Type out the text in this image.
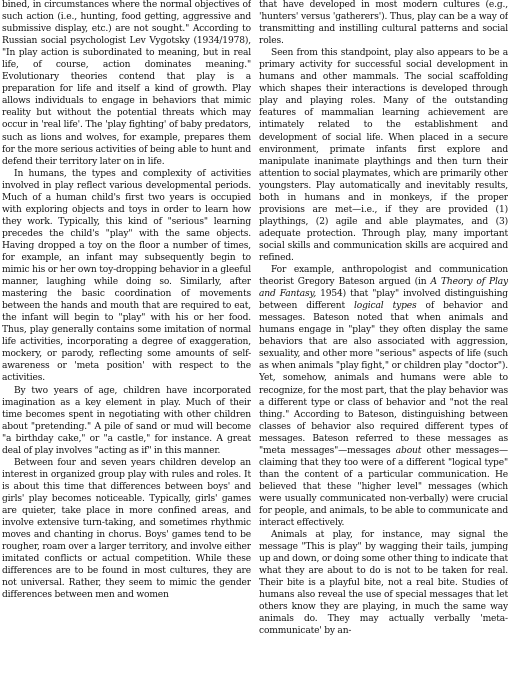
bined, in circumstances where the normal objectives of such action (i.e., hunting, food getting, aggressive and submissive display, etc.) are not sought." According to Russian social psychologist Lev Vygotsky (1934/1978), "In play action is subordinated to meaning, but in real life, of course, action dominates meaning." Evolutionary theories contend that play is a preparation for life and itself a kind of growth. Play allows individuals to engage in behaviors that mimic reality but without the potential threats which may occur in 'real life'. The 'play fighting' of baby predators, such as lions and wolves, for example, prepares them for the more serious activities of being able to hunt and defend their territory later on in life.

In humans, the types and complexity of activities involved in play reflect various developmental periods. Much of a human child's first two years is occupied with exploring objects and toys in order to learn how they work. Typically, this kind of "serious" learning precedes the child's "play" with the same objects. Having dropped a toy on the floor a number of times, for example, an infant may subsequently begin to mimic his or her own toy-dropping behavior in a gleeful manner, laughing while doing so. Similarly, after mastering the basic coordination of movements between the hands and mouth that are required to eat, the infant will begin to "play" with his or her food. Thus, play generally contains some imitation of normal life activities, incorporating a degree of exaggeration, mockery, or parody, reflecting some amounts of self-awareness or 'meta position' with respect to the activities.

By two years of age, children have incorporated imagination as a key element in play. Much of their time becomes spent in negotiating with other children about "pretending." A pile of sand or mud will become "a birthday cake," or "a castle," for instance. A great deal of play involves "acting as if" in this manner.

Between four and seven years children develop an interest in organized group play with rules and roles. It is about this time that differences between boys' and girls' play becomes noticeable. Typically, girls' games are quieter, take place in more confined areas, and involve extensive turn-taking, and sometimes rhythmic moves and chanting in chorus. Boys' games tend to be rougher, roam over a larger territory, and involve either imitated conflicts or actual competition. While these differences are to be found in most cultures, they are not universal. Rather, they seem to mimic the gender differences between men and women

that have developed in most modern cultures (e.g., 'hunters' versus 'gatherers'). Thus, play can be a way of transmitting and instilling cultural patterns and social roles.

Seen from this standpoint, play also appears to be a primary activity for successful social development in humans and other mammals. The social scaffolding which shapes their interactions is developed through play and playing roles. Many of the outstanding features of mammalian learning achievement are intimately related to the establishment and development of social life. When placed in a secure environment, primate infants first explore and manipulate inanimate playthings and then turn their attention to social playmates, which are primarily other youngsters. Play automatically and inevitably results, both in humans and in monkeys, if the proper provisions are met—i.e., if they are provided (1) playthings, (2) agile and able playmates, and (3) adequate protection. Through play, many important social skills and communication skills are acquired and refined.

For example, anthropologist and communication theorist Gregory Bateson argued (in A Theory of Play and Fantasy, 1954) that "play" involved distinguishing between different logical types of behavior and messages. Bateson noted that when animals and humans engage in "play" they often display the same behaviors that are also associated with aggression, sexuality, and other more "serious" aspects of life (such as when animals "play fight," or children play "doctor"). Yet, somehow, animals and humans were able to recognize, for the most part, that the play behavior was a different type or class of behavior and "not the real thing." According to Bateson, distinguishing between classes of behavior also required different types of messages. Bateson referred to these messages as "meta messages"—messages about other messages—claiming that they too were of a different "logical type" than the content of a particular communication. He believed that these "higher level" messages (which were usually communicated non-verbally) were crucial for people, and animals, to be able to communicate and interact effectively.

Animals at play, for instance, may signal the message "This is play" by wagging their tails, jumping up and down, or doing some other thing to indicate that what they are about to do is not to be taken for real. Their bite is a playful bite, not a real bite. Studies of humans also reveal the use of special messages that let others know they are playing, in much the same way animals do. They may actually verbally 'meta-communicate' by an-
